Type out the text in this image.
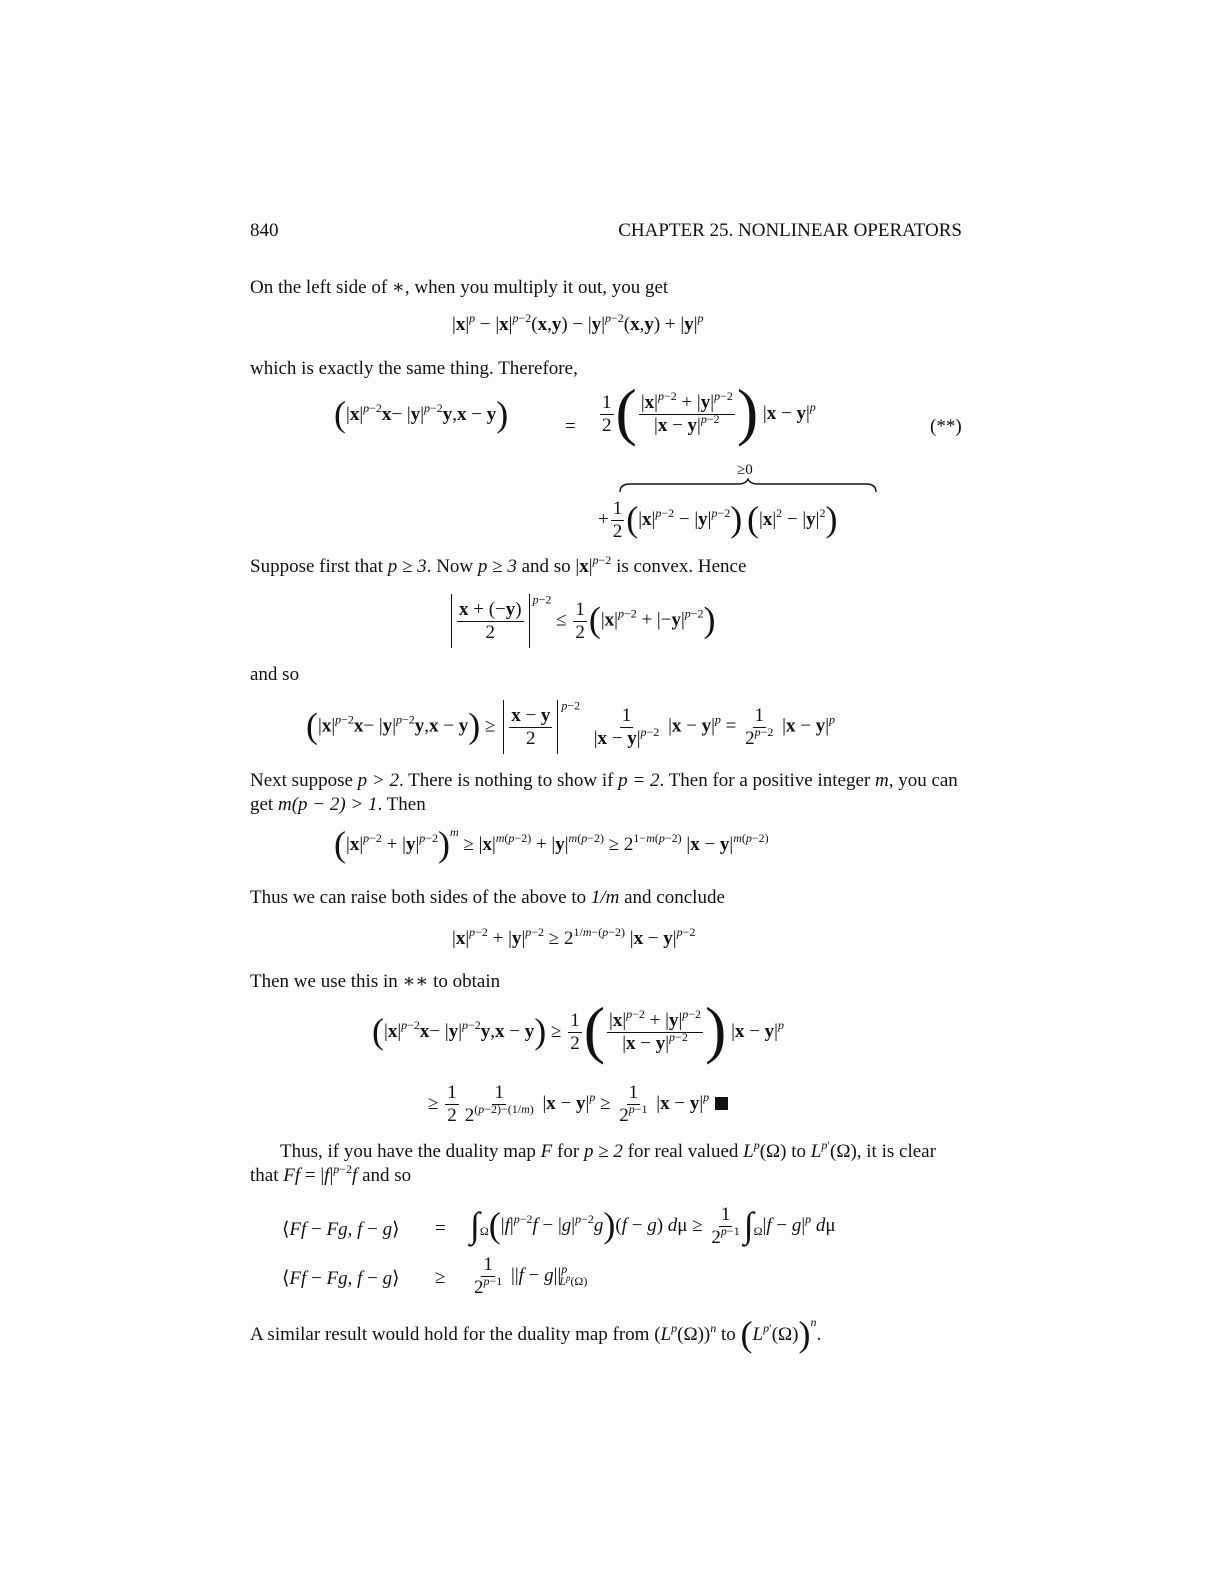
840	CHAPTER 25. NONLINEAR OPERATORS
On the left side of ∗, when you multiply it out, you get
$|x|^p - |x|^{p-2}(x,y) - |y|^{p-2}(x,y) + |y|^p$
which is exactly the same thing. Therefore,
$(|x|^{p-2}x- |y|^{p-2}y,x - y)$	= $\frac{1}{2}$ ( $\frac{|x|^{p-2} + |y|^{p-2}}{|x - y|^{p-2}}$ ) $|x - y|^p$
(**)
≥0
+ $\frac{1}{2} (|x|^{p-2} - |y|^{p-2}) (|x|^2 - |y|^2)$
Suppose first that p ≥ 3. Now p ≥ 3 and so $|x|^{p-2}$ is convex. Hence
$\frac{x + (-y)}{2} ^{p-2} \le \frac{1}{2} (|x|^{p-2} + |-y|^{p-2})$
and so
$(|x|^{p-2}x- |y|^{p-2}y,x - y) \ge \frac{x - y}{2} ^{p-2} \frac{1}{|x - y|^{p-2}} |x - y|^p = \frac{1}{2^{p-2}} |x - y|^p$
Next suppose p > 2. There is nothing to show if p = 2. Then for a positive integer m, you can get m(p − 2) > 1. Then
$(|x|^{p-2} + |y|^{p-2})^m \ge |x|^{m(p-2)} + |y|^{m(p-2)} \ge 2^{1-m(p-2)}$ $|x - y|^{m(p-2)}$
Thus we can raise both sides of the above to 1/m and conclude
$|x|^{p-2} + |y|^{p-2} \ge 2^{1/m-(p-2)}$ $|x - y|^{p-2}$
Then we use this in ∗∗ to obtain
$(|x|^{p-2}x- |y|^{p-2}y,x - y) \ge \frac{1}{2}$ ( $\frac{|x|^{p-2} + |y|^{p-2}}{|x - y|^{p-2}}$ ) $|x - y|^p$
≥ $\frac{1}{2} \frac{1}{2^{(p-2)-(1/m)}} |x - y|^p \ge \frac{1}{2^{p-1}} |x - y|^p$
Thus, if you have the duality map F for p ≥ 2 for real valued $L^p(\Omega)$ to $L^{p'}(\Omega)$, it is clear that $Ff = |f|^{p-2}f$ and so
⟨Ff − Fg, f − g⟩ = $\int_\Omega(|f|^{p-2}f - |g|^{p-2}g)(f - g) d\mu \ge \frac{1}{2^{p-1}} \int_\Omega|f - g|^p$ dμ
⟨Ff − Fg, f − g⟩ ≥ $\frac{1}{2^{p-1}} ||f - g||^p_{L^p(\Omega)}$
A similar result would hold for the duality map from $(L^p(\Omega))^n$ to $(L^{p'}(\Omega))^n$.
